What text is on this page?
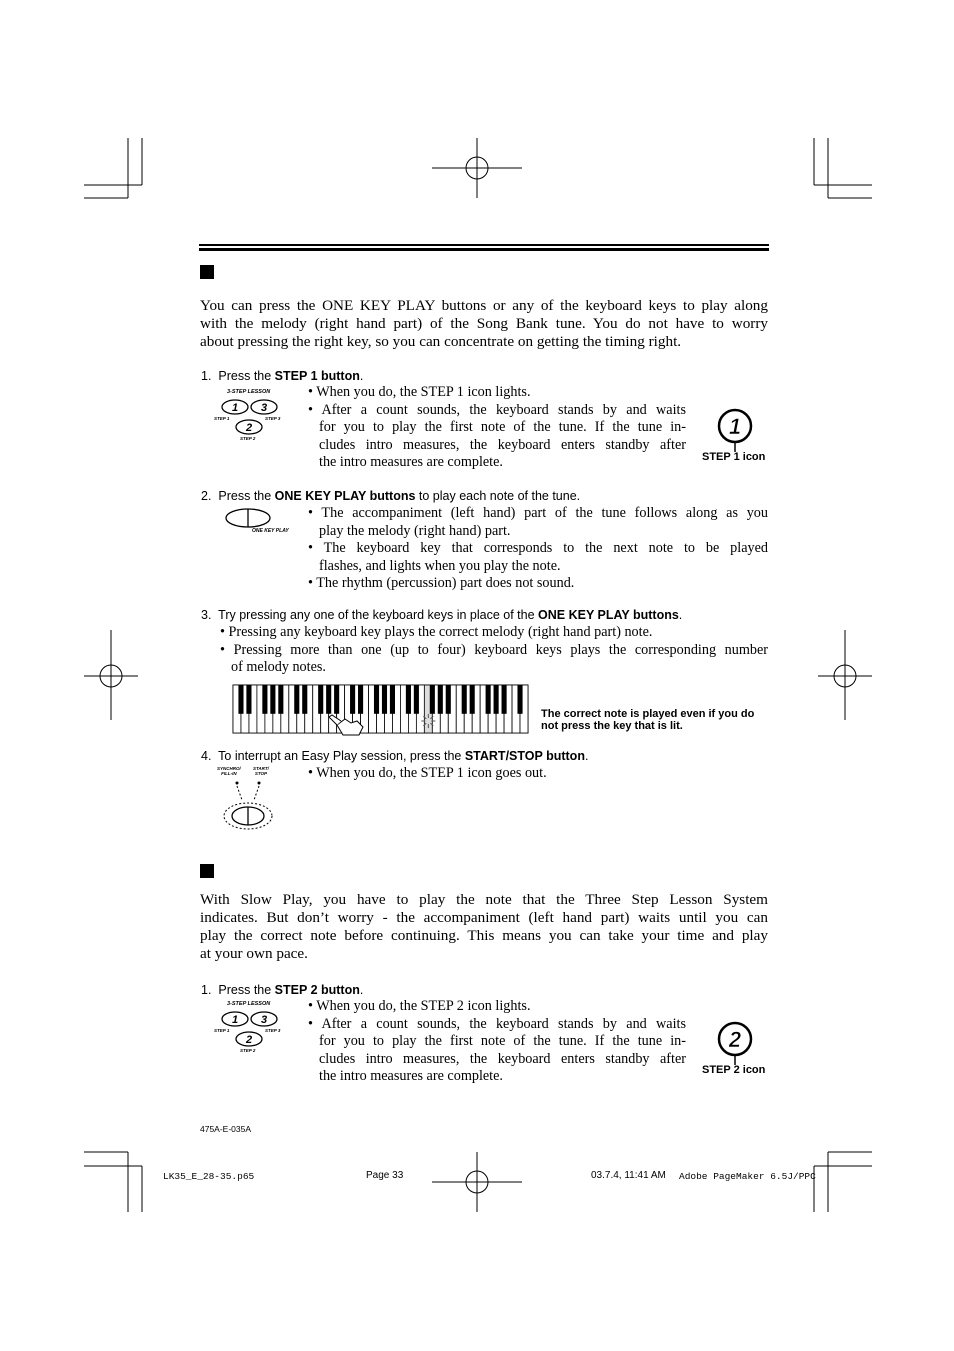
You can press the ONE KEY PLAY buttons or any of the keyboard keys to play along
with the melody (right hand part) of the Song Bank tune. You do not have to worry
about pressing the right key, so you can concentrate on getting the timing right.
1. Press the STEP 1 button.
3-STEP LESSON
1 3
2
STEP 1	STEP 3
STEP 2
• When you do, the STEP 1 icon lights.
• After a count sounds, the keyboard stands by and waits
for you to play the first note of the tune. If the tune in-
cludes intro measures, the keyboard enters standby after
the intro measures are complete.
1
STEP 1 icon
2. Press the ONE KEY PLAY buttons to play each note of the tune.
ONE KEY PLAY
• The accompaniment (left hand) part of the tune follows along as you
play the melody (right hand) part.
• The keyboard key that corresponds to the next note to be played
flashes, and lights when you play the note.
• The rhythm (percussion) part does not sound.
3. Try pressing any one of the keyboard keys in place of the ONE KEY PLAY buttons.
• Pressing any keyboard key plays the correct melody (right hand part) note.
• Pressing more than one (up to four) keyboard keys plays the corresponding number
of melody notes.
The correct note is played even if you do
not press the key that is lit.
4. To interrupt an Easy Play session, press the START/STOP button.
SYNCHRO/
FILL-IN
START/
STOP	• When you do, the STEP 1 icon goes out.
With Slow Play, you have to play the note that the Three Step Lesson System
indicates. But don’t worry - the accompaniment (left hand part) waits until you can
play the correct note before continuing. This means you can take your time and play
at your own pace.
1. Press the STEP 2 button.
3-STEP LESSON
1 3
2
STEP 1	STEP 3
STEP 2
• When you do, the STEP 2 icon lights.
• After a count sounds, the keyboard stands by and waits
for you to play the first note of the tune. If the tune in-
cludes intro measures, the keyboard enters standby after
the intro measures are complete.
2
STEP 2 icon
475A-E-035A
LK35_E_28-35.p65	Page 33	03.7.4, 11:41 AM Adobe PageMaker 6.5J/PPC
